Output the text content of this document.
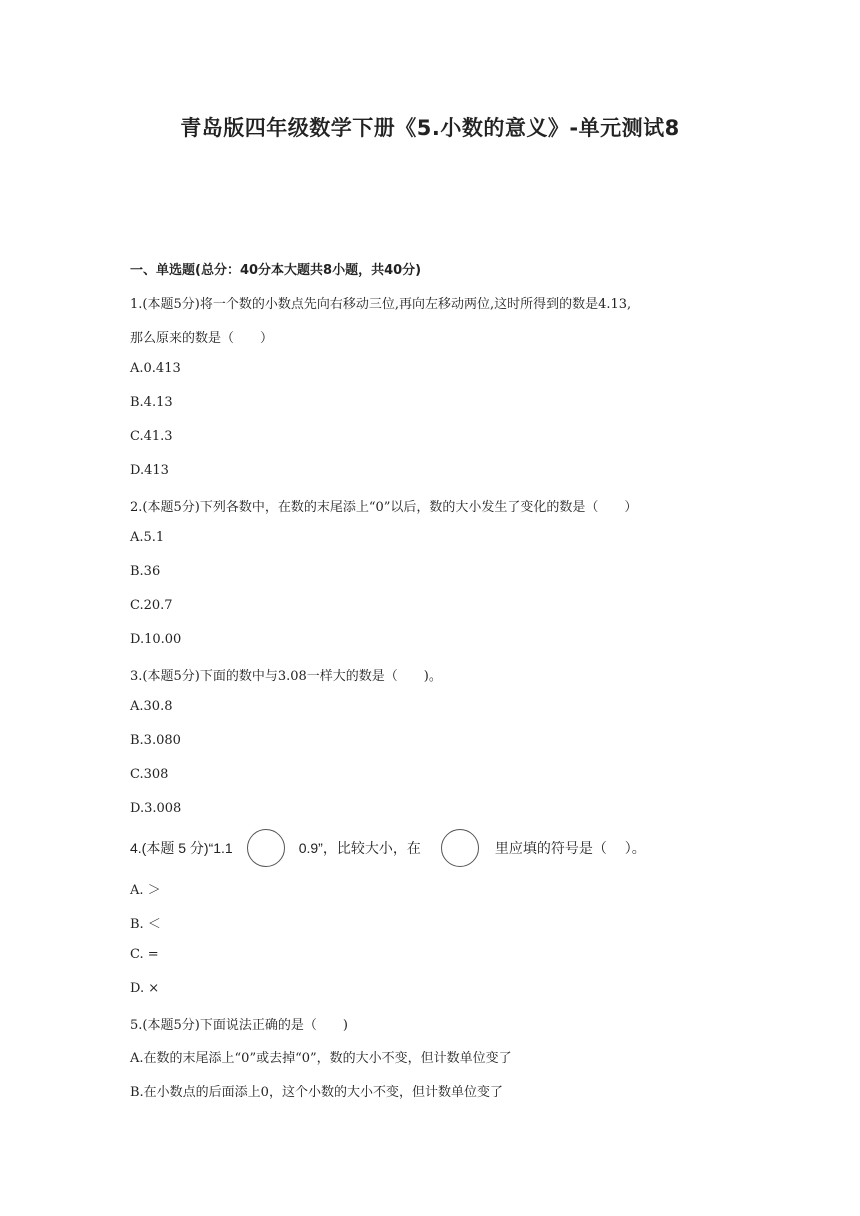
青岛版四年级数学下册《5.小数的意义》-单元测试8
一、单选题(总分：40分本大题共8小题，共40分)
1.(本题5分)将一个数的小数点先向右移动三位,再向左移动两位,这时所得到的数是4.13,
那么原来的数是（　　）
A.0.413
B.4.13
C.41.3
D.413
2.(本题5分)下列各数中，在数的末尾添上“0”以后，数的大小发生了变化的数是（　　）
A.5.1
B.36
C.20.7
D.10.00
3.(本题5分)下面的数中与3.08一样大的数是（　　)。
A.30.8
B.3.080
C.308
D.3.008
4.(本题 5 分)“1.1	0.9”，比较大小，在	里应填的符号是（　 ）。
A. ＞
B. ＜
C. =
D. ×
5.(本题5分)下面说法正确的是（　　)
A.在数的末尾添上“0”或去掉“0”，数的大小不变，但计数单位变了
B.在小数点的后面添上0，这个小数的大小不变，但计数单位变了
